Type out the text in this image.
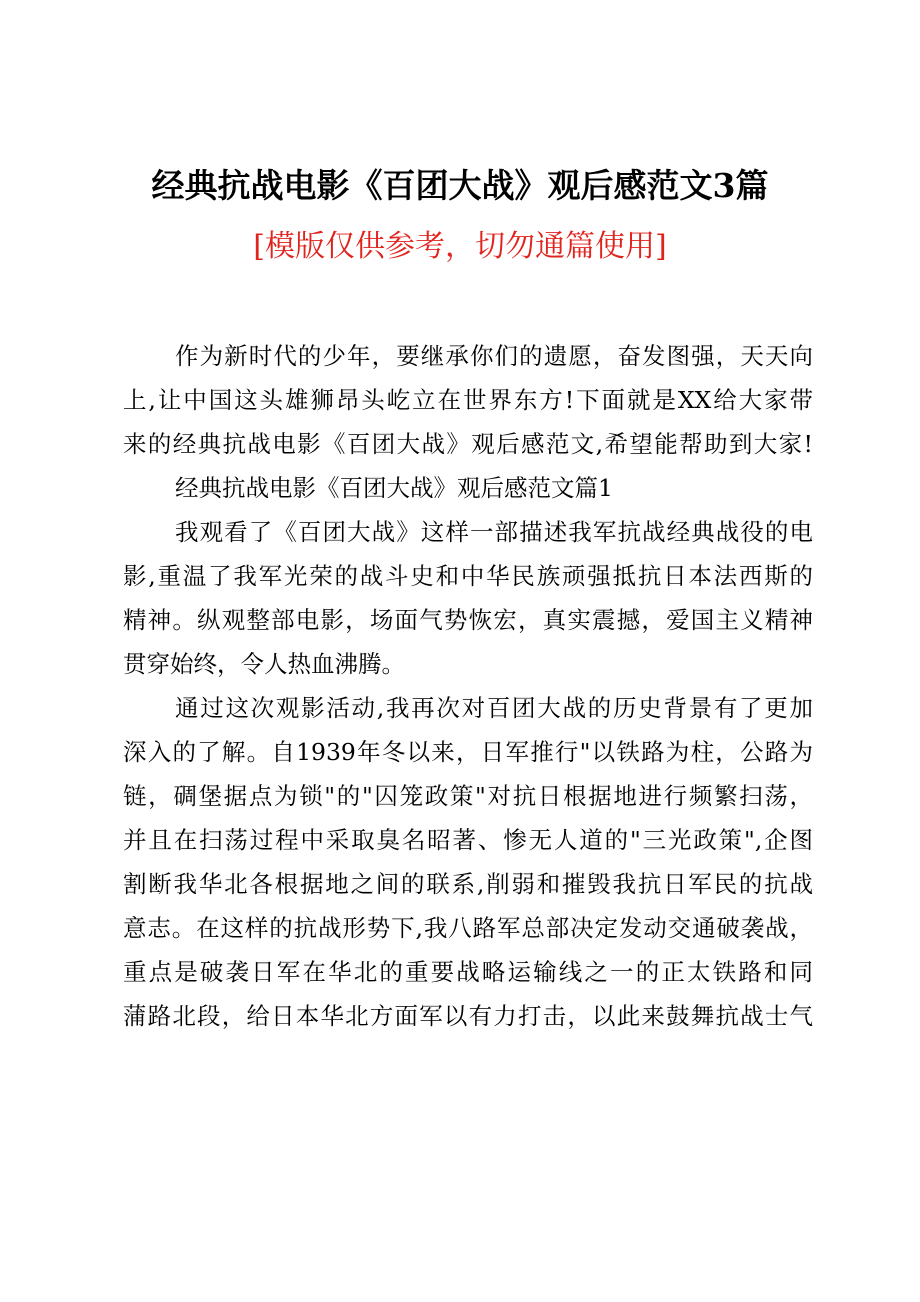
经典抗战电影《百团大战》观后感范文3篇
[模版仅供参考，切勿通篇使用]
作为新时代的少年，要继承你们的遗愿，奋发图强，天天向
上,让中国这头雄狮昂头屹立在世界东方!下面就是XX给大家带
来的经典抗战电影《百团大战》观后感范文,希望能帮助到大家!
经典抗战电影《百团大战》观后感范文篇1
我观看了《百团大战》这样一部描述我军抗战经典战役的电
影,重温了我军光荣的战斗史和中华民族顽强抵抗日本法西斯的
精神。纵观整部电影，场面气势恢宏，真实震撼，爱国主义精神
贯穿始终，令人热血沸腾。
通过这次观影活动,我再次对百团大战的历史背景有了更加
深入的了解。自1939年冬以来，日军推行"以铁路为柱，公路为
链，碉堡据点为锁"的"囚笼政策"对抗日根据地进行频繁扫荡，
并且在扫荡过程中采取臭名昭著、惨无人道的"三光政策",企图
割断我华北各根据地之间的联系,削弱和摧毁我抗日军民的抗战
意志。在这样的抗战形势下,我八路军总部决定发动交通破袭战，
重点是破袭日军在华北的重要战略运输线之一的正太铁路和同
蒲路北段，给日本华北方面军以有力打击，以此来鼓舞抗战士气
